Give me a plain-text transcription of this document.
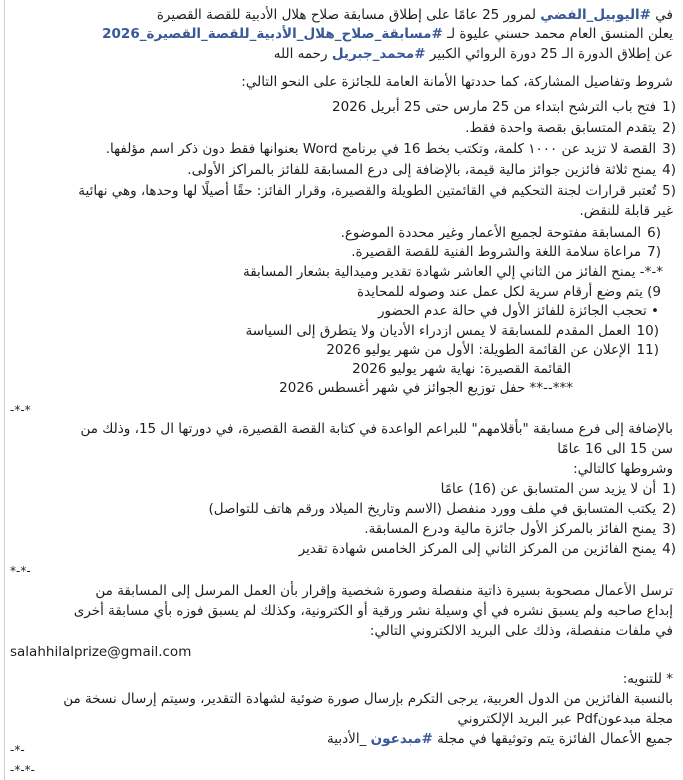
في #اليوبيل_الفضي لمرور 25 عامًا على إطلاق مسابقة صلاح هلال الأدبية للقصة القصيرة
يعلن المنسق العام محمد حسني عليوة لـ #مسابقة_صلاح_هلال_الأدبية_للقصة_القصيرة_2026
عن إطلاق الدورة الـ 25 دورة الروائي الكبير #محمد_جبريل رحمه الله
شروط وتفاصيل المشاركة، كما حددتها الأمانة العامة للجائزة على النحو التالي:
1)
فتح باب الترشح ابتداء من 25 مارس حتى 25 أبريل 2026
2)
يتقدم المتسابق بقصة واحدة فقط.
3)
القصة لا تزيد عن ١٠٠٠ كلمة، وتكتب بخط 16 في برنامج Word بعنوانها فقط دون ذكر اسم مؤلفها.
4)
يمنح ثلاثة فائزين جوائز مالية قيمة، بالإضافة إلى درع المسابقة للفائز بالمراكز الأولى.
5)
تُعتبر قرارات لجنة التحكيم في القائمتين الطويلة والقصيرة، وقرار الفائز: حقًا أصيلًا لها وحدها، وهي نهائية
غير قابلة للنقض.
6)
المسابقة مفتوحة لجميع الأعمار وغير محددة الموضوع.
7)
مراعاة سلامة اللغة والشروط الفنية للقصة القصيرة.
*-*- يمنح الفائز من الثاني إلي العاشر شهادة تقدير وميدالية بشعار المسابقة
9) يتم وضع أرقام سرية لكل عمل عند وصوله للمحايدة
• تحجب الجائزة للفائز الأول في حالة عدم الحضور
10)
العمل المقدم للمسابقة لا يمس ازدراء الأديان ولا يتطرق إلى السياسة
11)
الإعلان عن القائمة الطويلة: الأول من شهر يوليو 2026
القائمة القصيرة: نهاية شهر يوليو 2026
***--** حفل توزيع الجوائز في شهر أغسطس 2026
-*-*
بالإضافة إلى فرع مسابقة "بأقلامهم" للبراعم الواعدة في كتابة القصة القصيرة، في دورتها ال 15، وذلك من
سن 15 الى 16 عامًا
وشروطها كالتالي:
1)
أن لا يزيد سن المتسابق عن (16) عامًا
2)
يكتب المتسابق في ملف وورد منفصل (الاسم وتاريخ الميلاد ورقم هاتف للتواصل)
3)
يمنح الفائز بالمركز الأول جائزة مالية ودرع المسابقة.
4)
يمنح الفائزين من المركز الثاني إلى المركز الخامس شهادة تقدير
*-*-
ترسل الأعمال مصحوبة بسيرة ذاتية منفصلة وصورة شخصية وإقرار بأن العمل المرسل إلى المسابقة من
إبداع صاحبه ولم يسبق نشره في أي وسيلة نشر ورقية أو الكترونية، وكذلك لم يسبق فوزه بأي مسابقة أخرى
في ملفات منفصلة، وذلك على البريد الالكتروني التالي:
salahhilalprize@gmail.com
* للتنويه:
بالنسبة الفائزين من الدول العربية، يرجى التكرم بإرسال صورة ضوئية لشهادة التقدير، وسيتم إرسال نسخة من
مجلة مبدعونPdf عبر البريد الإلكتروني
جميع الأعمال الفائزة يتم وتوثيقها في مجلة #مبدعون _الأدبية
-*-
-*-*-
